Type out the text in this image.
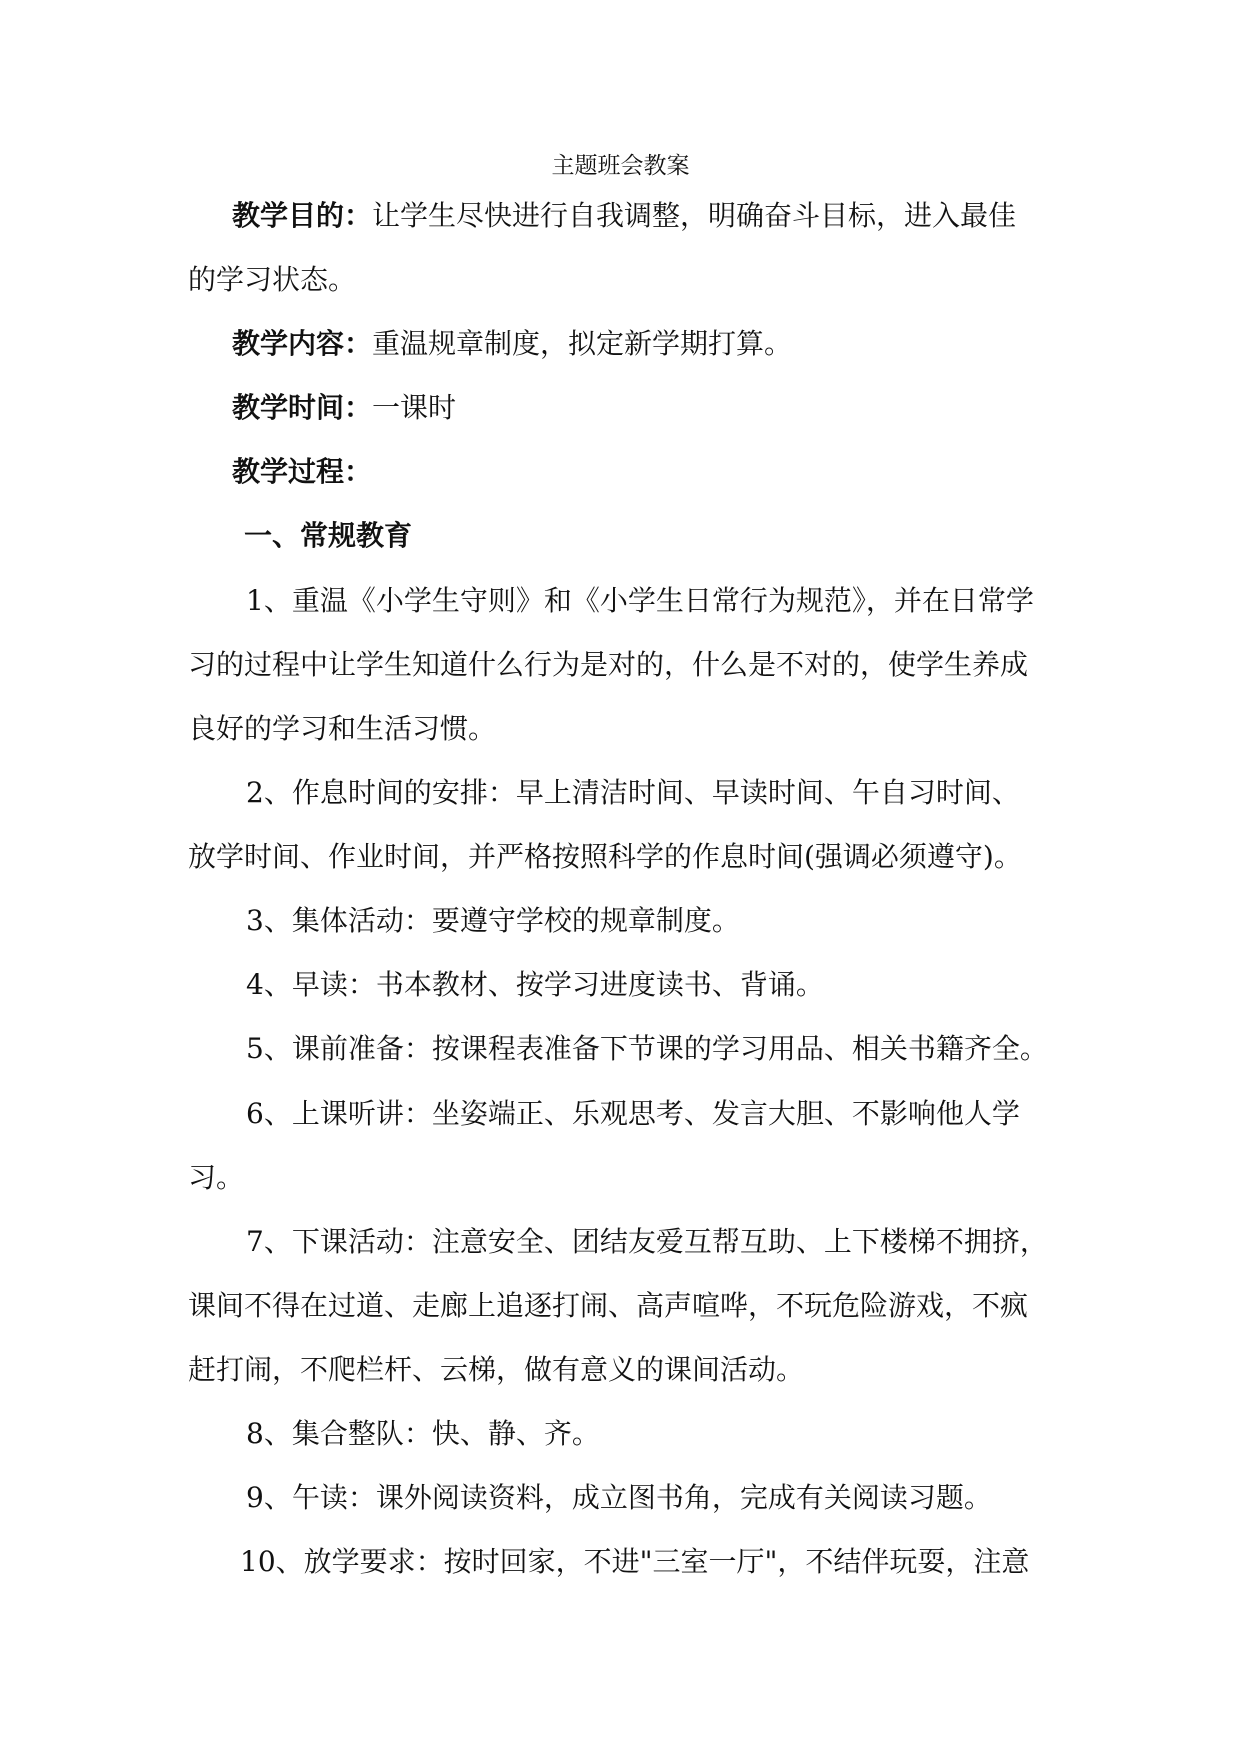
主题班会教案
教学目的：让学生尽快进行自我调整，明确奋斗目标，进入最佳
的学习状态。
教学内容：重温规章制度，拟定新学期打算。
教学时间：一课时
教学过程：
一、常规教育
1、重温《小学生守则》和《小学生日常行为规范》，并在日常学
习的过程中让学生知道什么行为是对的，什么是不对的，使学生养成
良好的学习和生活习惯。
2、作息时间的安排：早上清洁时间、早读时间、午自习时间、
放学时间、作业时间，并严格按照科学的作息时间(强调必须遵守)。
3、集体活动：要遵守学校的规章制度。
4、早读：书本教材、按学习进度读书、背诵。
5、课前准备：按课程表准备下节课的学习用品、相关书籍齐全。
6、上课听讲：坐姿端正、乐观思考、发言大胆、不影响他人学
习。
7、下课活动：注意安全、团结友爱互帮互助、上下楼梯不拥挤，
课间不得在过道、走廊上追逐打闹、高声喧哗，不玩危险游戏，不疯
赶打闹，不爬栏杆、云梯，做有意义的课间活动。
8、集合整队：快、静、齐。
9、午读：课外阅读资料，成立图书角，完成有关阅读习题。
10、放学要求：按时回家，不进"三室一厅"，不结伴玩耍，注意
